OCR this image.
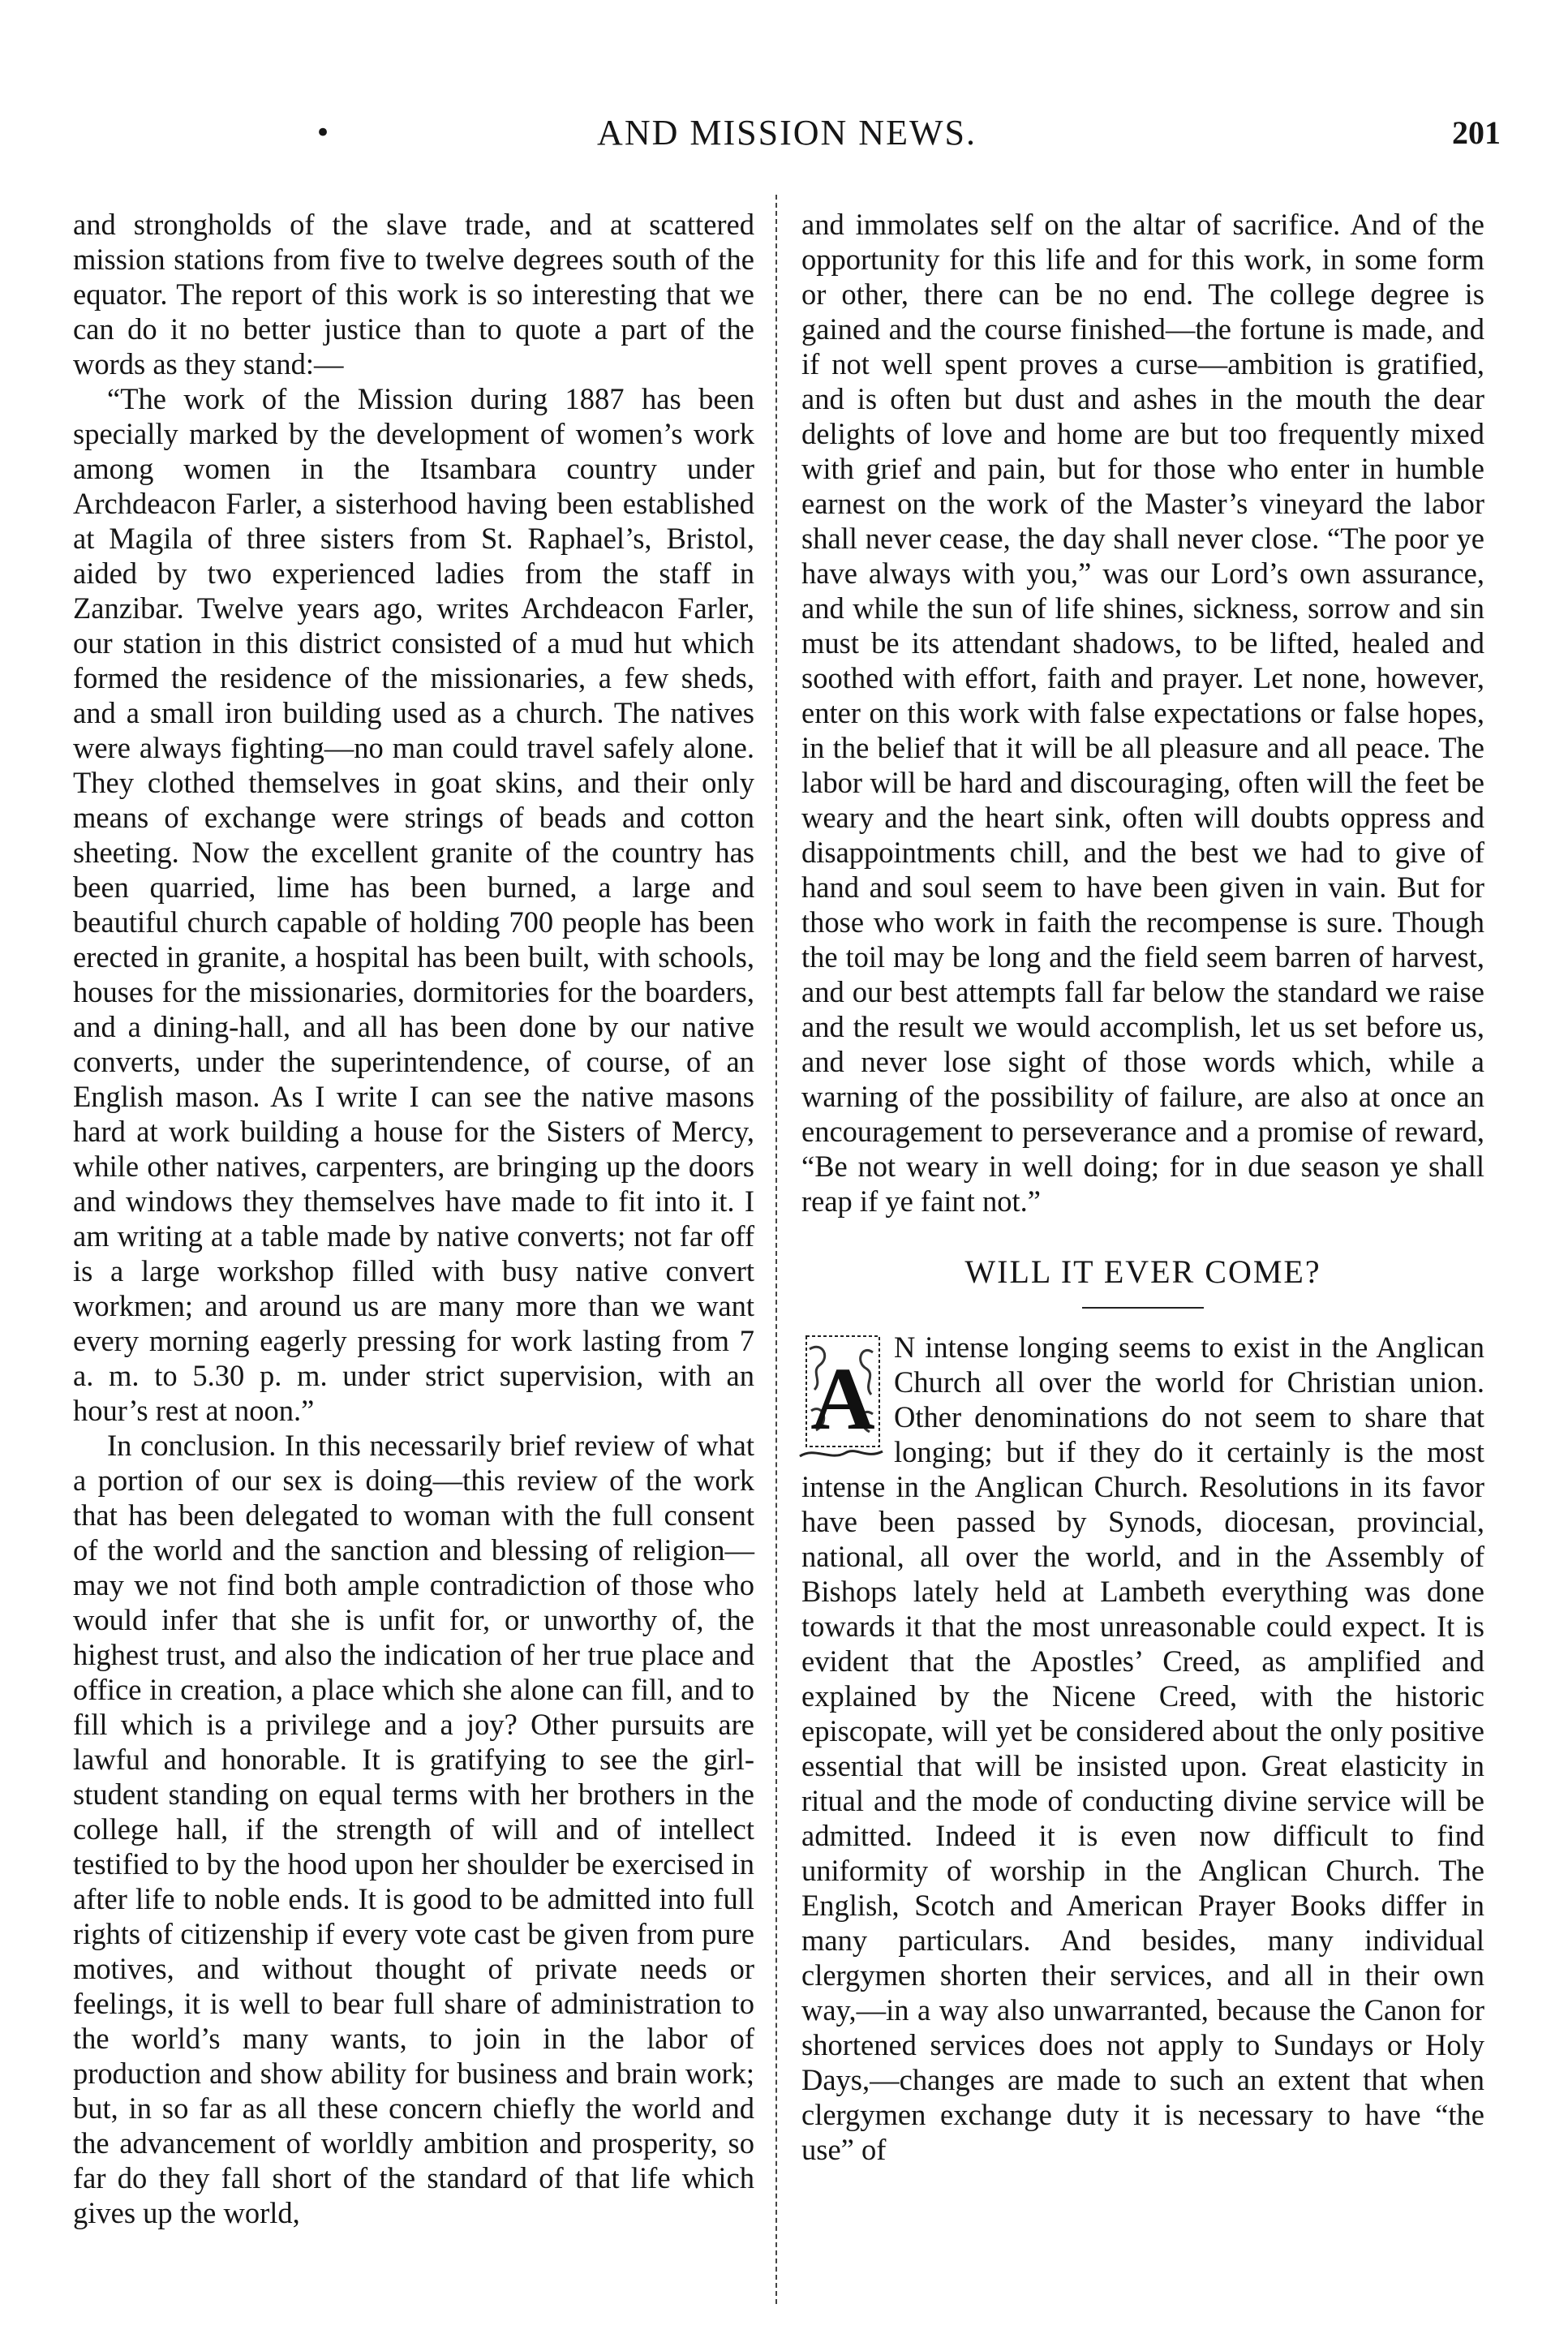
•	AND MISSION NEWS.	201

and strongholds of the slave trade, and at scattered mission stations from five to twelve degrees south of the equator. The report of this work is so interesting that we can do it no better justice than to quote a part of the words as they stand:—

“The work of the Mission during 1887 has been specially marked by the development of women’s work among women in the Itsambara country under Archdeacon Farler, a sisterhood having been established at Magila of three sisters from St. Raphael’s, Bristol, aided by two experienced ladies from the staff in Zanzibar. Twelve years ago, writes Archdeacon Farler, our station in this district consisted of a mud hut which formed the residence of the missionaries, a few sheds, and a small iron building used as a church. The natives were always fighting—no man could travel safely alone. They clothed themselves in goat skins, and their only means of exchange were strings of beads and cotton sheeting. Now the excellent granite of the country has been quarried, lime has been burned, a large and beautiful church capable of holding 700 people has been erected in granite, a hospital has been built, with schools, houses for the missionaries, dormitories for the boarders, and a dining-hall, and all has been done by our native converts, under the superintendence, of course, of an English mason. As I write I can see the native masons hard at work building a house for the Sisters of Mercy, while other natives, carpenters, are bringing up the doors and windows they themselves have made to fit into it. I am writing at a table made by native converts; not far off is a large workshop filled with busy native convert workmen; and around us are many more than we want every morning eagerly pressing for work lasting from 7 a. m. to 5.30 p. m. under strict supervision, with an hour’s rest at noon.”

In conclusion. In this necessarily brief review of what a portion of our sex is doing—this review of the work that has been delegated to woman with the full consent of the world and the sanction and blessing of religion—may we not find both ample contradiction of those who would infer that she is unfit for, or unworthy of, the highest trust, and also the indication of her true place and office in creation, a place which she alone can fill, and to fill which is a privilege and a joy? Other pursuits are lawful and honorable. It is gratifying to see the girl-student standing on equal terms with her brothers in the college hall, if the strength of will and of intellect testified to by the hood upon her shoulder be exercised in after life to noble ends. It is good to be admitted into full rights of citizenship if every vote cast be given from pure motives, and without thought of private needs or feelings, it is well to bear full share of administration to the world’s many wants, to join in the labor of production and show ability for business and brain work; but, in so far as all these concern chiefly the world and the advancement of worldly ambition and prosperity, so far do they fall short of the standard of that life which gives up the world,

and immolates self on the altar of sacrifice. And of the opportunity for this life and for this work, in some form or other, there can be no end. The college degree is gained and the course finished—the fortune is made, and if not well spent proves a curse—ambition is gratified, and is often but dust and ashes in the mouth the dear delights of love and home are but too frequently mixed with grief and pain, but for those who enter in humble earnest on the work of the Master’s vineyard the labor shall never cease, the day shall never close. “The poor ye have always with you,” was our Lord’s own assurance, and while the sun of life shines, sickness, sorrow and sin must be its attendant shadows, to be lifted, healed and soothed with effort, faith and prayer. Let none, however, enter on this work with false expectations or false hopes, in the belief that it will be all pleasure and all peace. The labor will be hard and discouraging, often will the feet be weary and the heart sink, often will doubts oppress and disappointments chill, and the best we had to give of hand and soul seem to have been given in vain. But for those who work in faith the recompense is sure. Though the toil may be long and the field seem barren of harvest, and our best attempts fall far below the standard we raise and the result we would accomplish, let us set before us, and never lose sight of those words which, while a warning of the possibility of failure, are also at once an encouragement to perseverance and a promise of reward, “Be not weary in well doing; for in due season ye shall reap if ye faint not.”

WILL IT EVER COME?
A

N intense longing seems to exist in the Anglican Church all over the world for Christian union. Other denominations do not seem to share that longing; but if they do it certainly is the most intense in the Anglican Church. Resolutions in its favor have been passed by Synods, diocesan, provincial, national, all over the world, and in the Assembly of Bishops lately held at Lambeth everything was done towards it that the most unreasonable could expect. It is evident that the Apostles’ Creed, as amplified and explained by the Nicene Creed, with the historic episcopate, will yet be considered about the only positive essential that will be insisted upon. Great elasticity in ritual and the mode of conducting divine service will be admitted. Indeed it is even now difficult to find uniformity of worship in the Anglican Church. The English, Scotch and American Prayer Books differ in many particulars. And besides, many individual clergymen shorten their services, and all in their own way,—in a way also unwarranted, because the Canon for shortened services does not apply to Sundays or Holy Days,—changes are made to such an extent that when clergymen exchange duty it is necessary to have “the use” of
